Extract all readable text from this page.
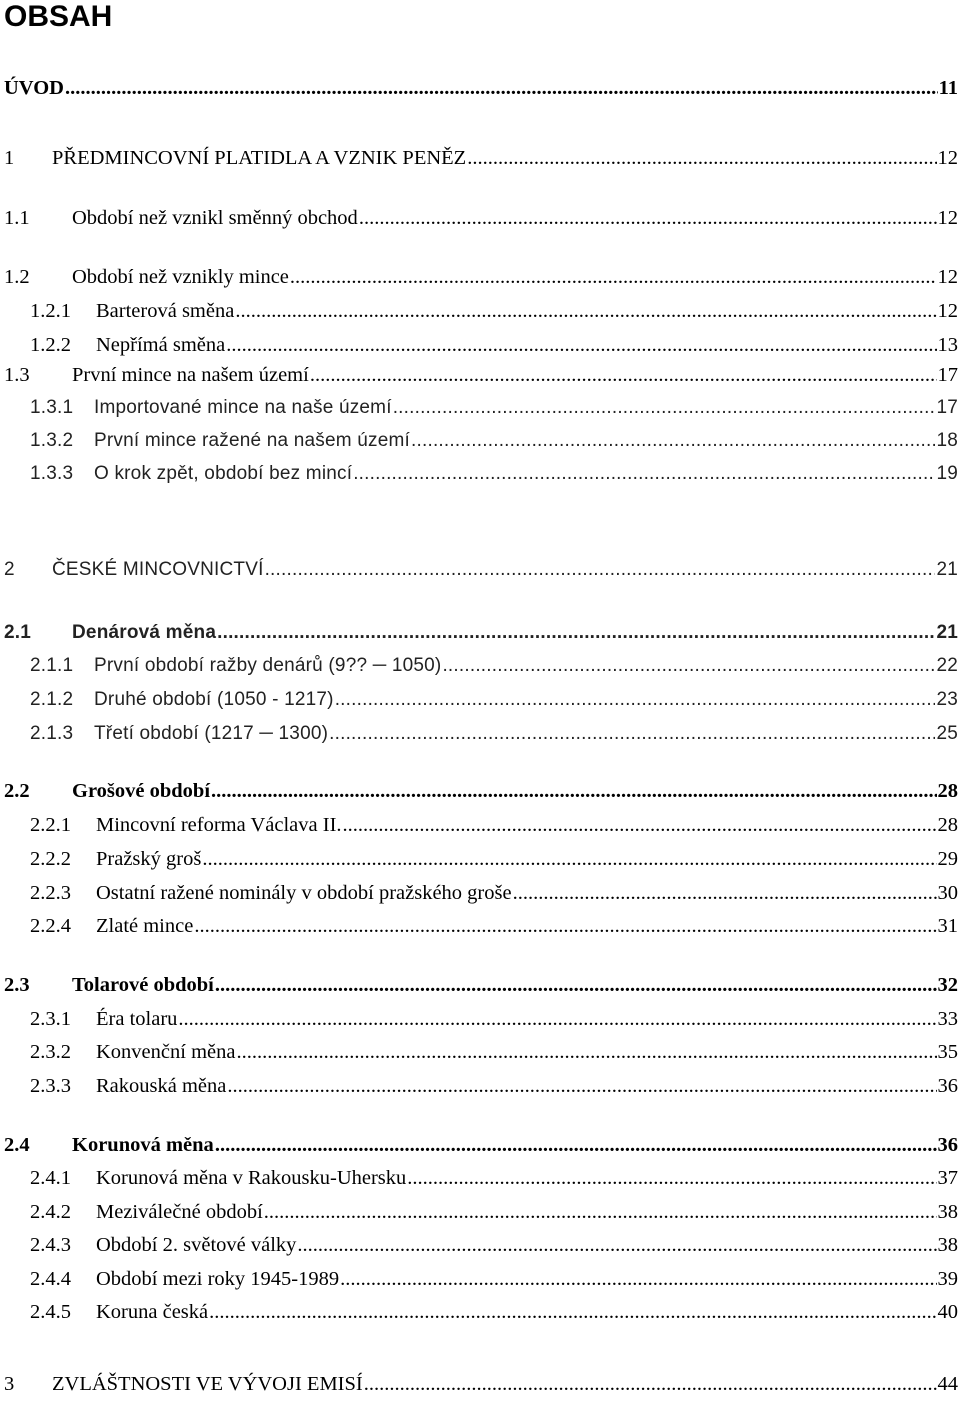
OBSAH
ÚVOD .....	11
1	PŘEDMINCOVNÍ PLATIDLA A VZNIK PENĚZ .....	12
1.1	Období než vznikl směnný obchod .....	12
1.2	Období než vznikly mince .....	12
1.2.1	Barterová směna .....	12
1.2.2	Nepřímá směna .....	13
1.3	První mince na našem území .....	17
1.3.1	Importované mince na naše území .....	17
1.3.2	První mince ražené na našem území .....	18
1.3.3	O krok zpět, období bez mincí .....	19
2	ČESKÉ MINCOVNICTVÍ .....	21
2.1	Denárová měna .....	21
2.1.1	První období ražby denárů (9?? ─ 1050) .....	22
2.1.2	Druhé období (1050 - 1217) .....	23
2.1.3	Třetí období (1217 ─ 1300) .....	25
2.2	Grošové období .....	28
2.2.1	Mincovní reforma Václava II. .....	28
2.2.2	Pražský groš .....	29
2.2.3	Ostatní ražené nominály v období pražského groše .....	30
2.2.4	Zlaté mince .....	31
2.3	Tolarové období .....	32
2.3.1	Éra tolaru .....	33
2.3.2	Konvenční měna .....	35
2.3.3	Rakouská měna .....	36
2.4	Korunová měna .....	36
2.4.1	Korunová měna v Rakousku-Uhersku .....	37
2.4.2	Meziválečné období .....	38
2.4.3	Období 2. světové války .....	38
2.4.4	Období mezi roky 1945-1989 .....	39
2.4.5	Koruna česká .....	40
3	ZVLÁŠTNOSTI VE VÝVOJI EMISÍ .....	44
